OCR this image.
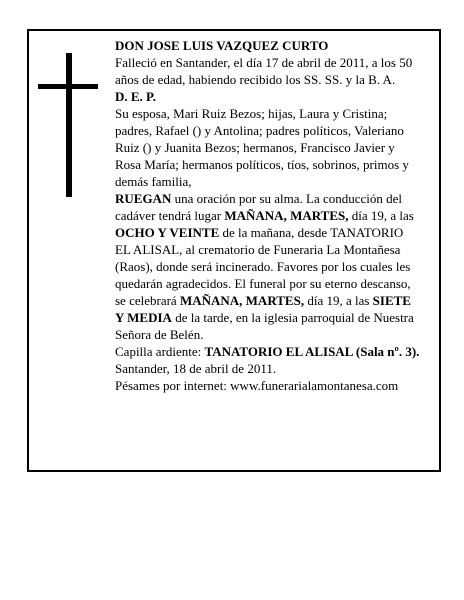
DON JOSE LUIS VAZQUEZ CURTO

Falleció en Santander, el día 17 de abril de 2011, a los 50 años de edad, habiendo recibido los SS. SS. y la B. A.

D. E. P.

Su esposa, Mari Ruiz Bezos; hijas, Laura y Cristina; padres, Rafael () y Antolina; padres políticos, Valeriano Ruiz () y Juanita Bezos; hermanos, Francisco Javier y Rosa María; hermanos políticos, tíos, sobrinos, primos y demás familia,

RUEGAN una oración por su alma. La conducción del cadáver tendrá lugar MAÑANA, MARTES, día 19, a las OCHO Y VEINTE de la mañana, desde TANATORIO EL ALISAL, al crematorio de Funeraria La Montañesa (Raos), donde será incinerado. Favores por los cuales les quedarán agradecidos. El funeral por su eterno descanso, se celebrará MAÑANA, MARTES, día 19, a las SIETE Y MEDIA de la tarde, en la iglesia parroquial de Nuestra Señora de Belén.

Capilla ardiente: TANATORIO EL ALISAL (Sala nº. 3).

Santander, 18 de abril de 2011.

Pésames por internet: www.funerarialamontanesa.com
